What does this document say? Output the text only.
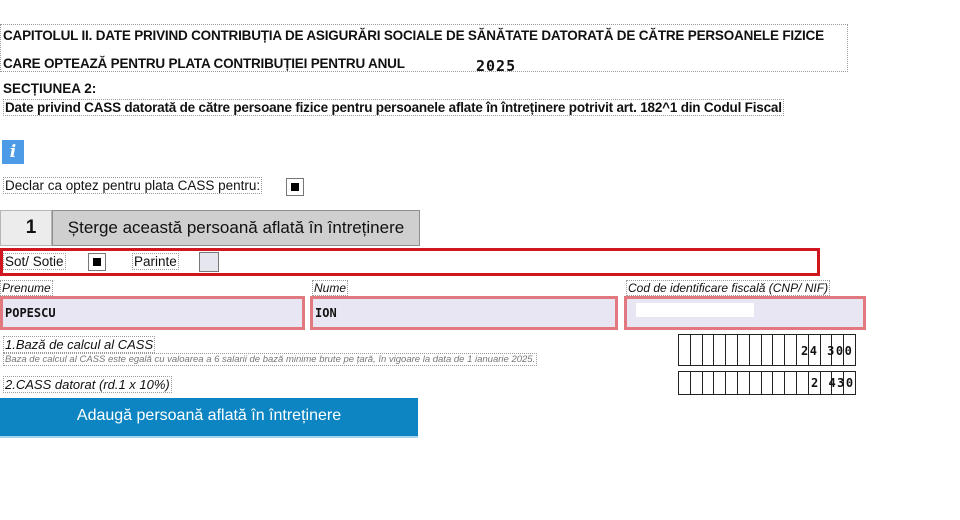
CAPITOLUL II. DATE PRIVIND CONTRIBUȚIA DE ASIGURĂRI SOCIALE DE SĂNĂTATE DATORATĂ DE CĂTRE PERSOANELE FIZICE
CARE OPTEAZĂ PENTRU PLATA CONTRIBUȚIEI PENTRU ANUL	2025
SECȚIUNEA 2:
Date privind CASS datorată de către persoane fizice pentru persoanele aflate în întreținere potrivit art. 182^1 din Codul Fiscal
i
Declar ca optez pentru plata CASS pentru:
1	Șterge această persoană aflată în întreținere
Sot/ Sotie	Parinte
Prenume	Nume	Cod de identificare fiscală (CNP/ NIF)
POPESCU	ION
1.Bază de calcul al CASS
Baza de calcul al CASS este egală cu valoarea a 6 salarii de bază minime brute pe țară, în vigoare la data de 1 ianuarie 2025.
24 300
2.CASS datorat (rd.1 x 10%)	2 430
Adaugă persoană aflată în întreținere
